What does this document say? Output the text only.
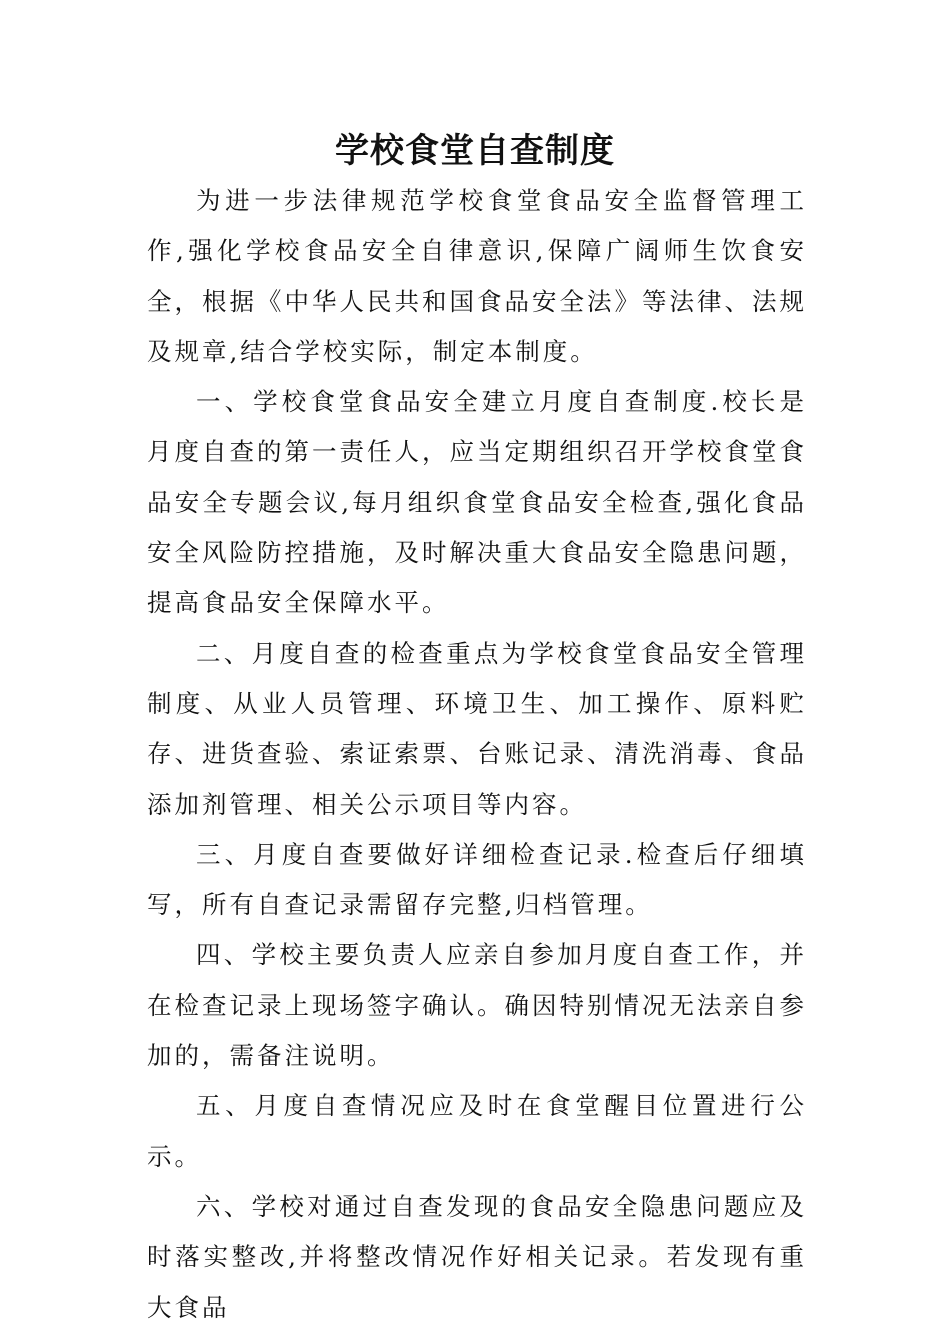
学校食堂自查制度

为进一步法律规范学校食堂食品安全监督管理工作,强化学校食品安全自律意识,保障广阔师生饮食安全，根据《中华人民共和国食品安全法》等法律、法规及规章,结合学校实际，制定本制度。

一、学校食堂食品安全建立月度自查制度.校长是月度自查的第一责任人，应当定期组织召开学校食堂食品安全专题会议,每月组织食堂食品安全检查,强化食品安全风险防控措施，及时解决重大食品安全隐患问题，提高食品安全保障水平。

二、月度自查的检查重点为学校食堂食品安全管理制度、从业人员管理、环境卫生、加工操作、原料贮存、进货查验、索证索票、台账记录、清洗消毒、食品添加剂管理、相关公示项目等内容。

三、月度自查要做好详细检查记录.检查后仔细填写，所有自查记录需留存完整,归档管理。

四、学校主要负责人应亲自参加月度自查工作，并在检查记录上现场签字确认。确因特别情况无法亲自参加的，需备注说明。

五、月度自查情况应及时在食堂醒目位置进行公示。

六、学校对通过自查发现的食品安全隐患问题应及时落实整改,并将整改情况作好相关记录。若发现有重大食品
